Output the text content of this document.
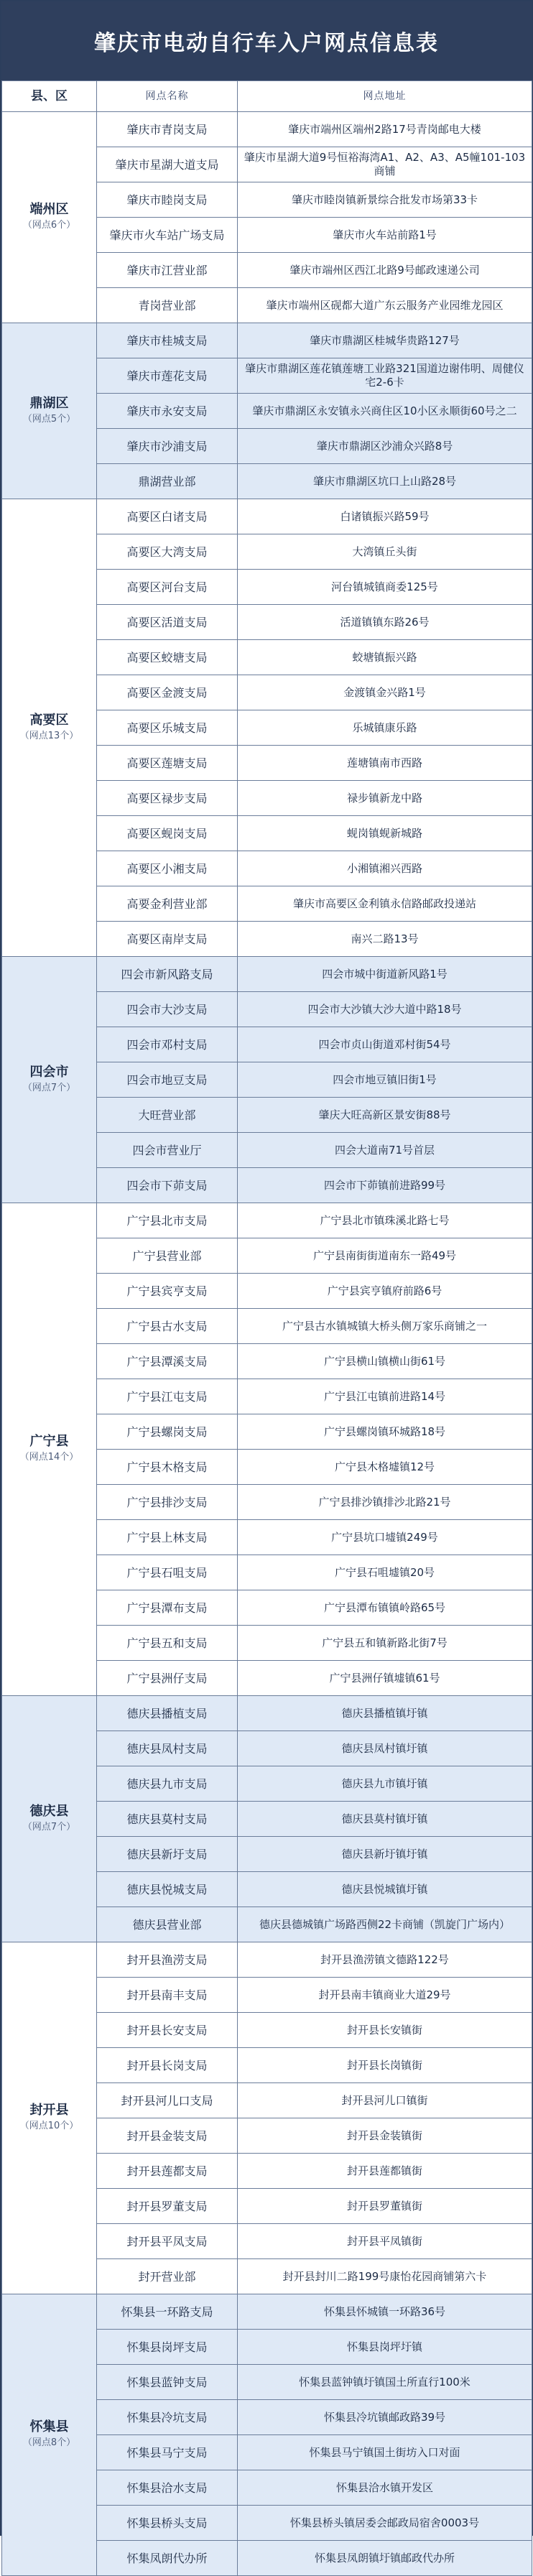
肇庆市电动自行车入户网点信息表
县、区	网点名称	网点地址
端州区
（网点6个）	肇庆市青岗支局	肇庆市端州区端州2路17号青岗邮电大楼
	肇庆市星湖大道支局	肇庆市星湖大道9号恒裕海湾A1、A2、A3、A5幢101-103商铺
	肇庆市睦岗支局	肇庆市睦岗镇新景综合批发市场第33卡
	肇庆市火车站广场支局	肇庆市火车站前路1号
	肇庆市江营业部	肇庆市端州区西江北路9号邮政速递公司
	青岗营业部	肇庆市端州区砚都大道广东云服务产业园维龙园区
鼎湖区
（网点5个）	肇庆市桂城支局	肇庆市鼎湖区桂城华贵路127号
	肇庆市莲花支局	肇庆市鼎湖区莲花镇莲塘工业路321国道边谢伟明、周健仪宅2-6卡
	肇庆市永安支局	肇庆市鼎湖区永安镇永兴商住区10小区永顺街60号之二
	肇庆市沙浦支局	肇庆市鼎湖区沙浦众兴路8号
	鼎湖营业部	肇庆市鼎湖区坑口上山路28号
高要区
（网点13个）	高要区白诸支局	白诸镇振兴路59号
	高要区大湾支局	大湾镇丘头街
	高要区河台支局	河台镇城镇商委125号
	高要区活道支局	活道镇镇东路26号
	高要区蛟塘支局	蛟塘镇振兴路
	高要区金渡支局	金渡镇金兴路1号
	高要区乐城支局	乐城镇康乐路
	高要区莲塘支局	莲塘镇南市西路
	高要区禄步支局	禄步镇新龙中路
	高要区蚬岗支局	蚬岗镇蚬新城路
	高要区小湘支局	小湘镇湘兴西路
	高要金利营业部	肇庆市高要区金利镇永信路邮政投递站
	高要区南岸支局	南兴二路13号
四会市
（网点7个）	四会市新风路支局	四会市城中街道新风路1号
	四会市大沙支局	四会市大沙镇大沙大道中路18号
	四会市邓村支局	四会市贞山街道邓村街54号
	四会市地豆支局	四会市地豆镇旧街1号
	大旺营业部	肇庆大旺高新区景安街88号
	四会市营业厅	四会大道南71号首层
	四会市下茆支局	四会市下茆镇前进路99号
广宁县
（网点14个）	广宁县北市支局	广宁县北市镇珠溪北路七号
	广宁县营业部	广宁县南街街道南东一路49号
	广宁县宾亨支局	广宁县宾亨镇府前路6号
	广宁县古水支局	广宁县古水镇城镇大桥头侧万家乐商铺之一
	广宁县潭溪支局	广宁县横山镇横山街61号
	广宁县江屯支局	广宁县江屯镇前进路14号
	广宁县螺岗支局	广宁县螺岗镇环城路18号
	广宁县木格支局	广宁县木格墟镇12号
	广宁县排沙支局	广宁县排沙镇排沙北路21号
	广宁县上林支局	广宁县坑口墟镇249号
	广宁县石咀支局	广宁县石咀墟镇20号
	广宁县潭布支局	广宁县潭布镇镇岭路65号
	广宁县五和支局	广宁县五和镇新路北街7号
	广宁县洲仔支局	广宁县洲仔镇墟镇61号
德庆县
（网点7个）	德庆县播植支局	德庆县播植镇圩镇
	德庆县凤村支局	德庆县凤村镇圩镇
	德庆县九市支局	德庆县九市镇圩镇
	德庆县莫村支局	德庆县莫村镇圩镇
	德庆县新圩支局	德庆县新圩镇圩镇
	德庆县悦城支局	德庆县悦城镇圩镇
	德庆县营业部	德庆县德城镇广场路西侧22卡商铺（凯旋门广场内）
封开县
（网点10个）	封开县渔涝支局	封开县渔涝镇文德路122号
	封开县南丰支局	封开县南丰镇商业大道29号
	封开县长安支局	封开县长安镇街
	封开县长岗支局	封开县长岗镇街
	封开县河儿口支局	封开县河儿口镇街
	封开县金装支局	封开县金装镇街
	封开县莲都支局	封开县莲都镇街
	封开县罗董支局	封开县罗董镇街
	封开县平凤支局	封开县平凤镇街
	封开营业部	封开县封川二路199号康怡花园商铺第六卡
怀集县
（网点8个）	怀集县一环路支局	怀集县怀城镇一环路36号
	怀集县岗坪支局	怀集县岗坪圩镇
	怀集县蓝钟支局	怀集县蓝钟镇圩镇国土所直行100米
	怀集县冷坑支局	怀集县冷坑镇邮政路39号
	怀集县马宁支局	怀集县马宁镇国土街坊入口对面
	怀集县洽水支局	怀集县洽水镇开发区
	怀集县桥头支局	怀集县桥头镇居委会邮政局宿舍0003号
	怀集凤朗代办所	怀集县凤朗镇圩镇邮政代办所
